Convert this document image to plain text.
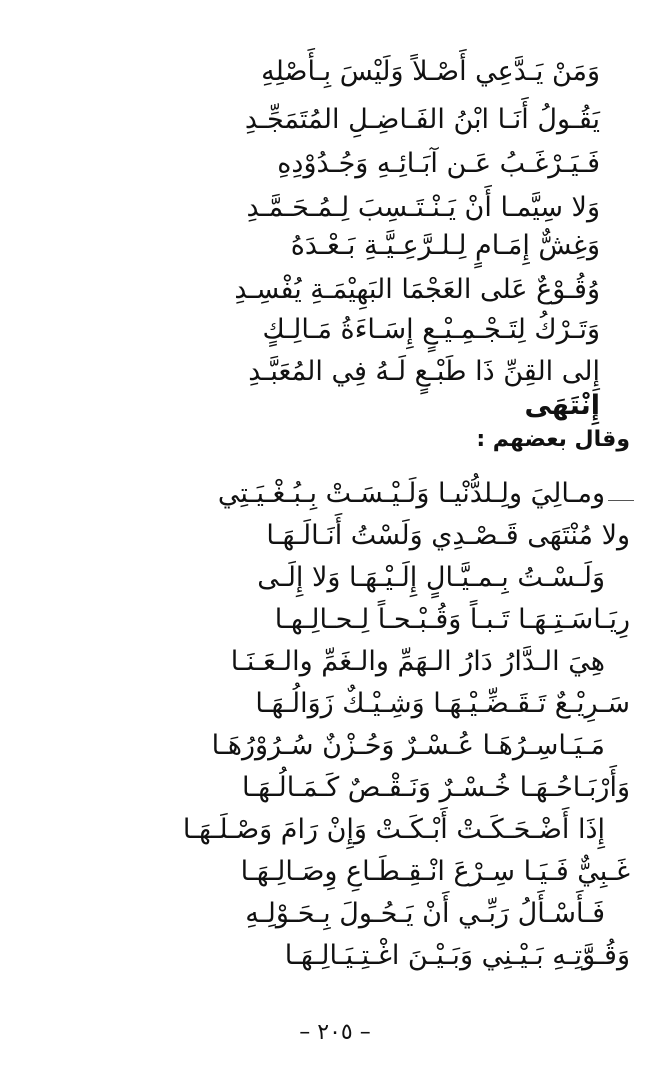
وَمَنْ يَـدَّعِي أَصْـلاً وَلَيْسَ بِـأَصْلِهِ
يَقُـولُ أَنَـا ابْنُ الفَـاضِـلِ المُتَمَجِّـدِ
فَـيَـرْغَـبُ عَـن آبَـائِـهِ وَجُـدُوْدِهِ
وَلا سِيَّمـا أَنْ يَـنْـتَـسِبَ لِـمُـحَـمَّـدِ
وَغِشٌّ إِمَـامٍ لِـلـرَّعِـيَّـةِ بَـعْـدَهُ
وُقُـوْعٌ عَلى العَجْمَا البَهِيْمَـةِ يُفْسِـدِ
وَتَـرْكُ لِتَـجْـمِـيْـعٍ إِسَـاءَةُ مَـالِـكٍ
إِلى القِنِّ ذَا طَبْـعٍ لَـهُ فِي المُعَبَّـدِ
إِنْتَهَى
وقال بعضهم :
ومـالِيَ ولِـلدُّنْيـا وَلَـيْـسَـتْ بِـبُـغْـيَـتِي
ولا مُنْتَهَى قَـصْـدِي وَلَسْتُ أَنَـالَـهَـا
وَلَـسْـتُ بِـمـيَّـالٍ إِلَـيْـهَـا وَلا إِلَـى
رِيَـاسَـتِـهَـا تَـبـاً وَقُـبْـحـاً لِـحـالِـهـا
هِيَ الـدَّارُ دَارُ الـهَمِّ والـغَمِّ والـعَـنَـا
سَـرِيْـعٌ تَـقَـضِّـيْـهَـا وَشِـيْـكٌ زَوَالُـهَـا
مَـيَـاسِـرُهَـا عُـسْـرٌ وَحُـزْنٌ سُـرُوْرُهَـا
وَأَرْبَـاحُـهَـا خُـسْـرٌ وَنَـقْـصٌ كَـمَـالُـهَـا
إِذَا أَضْـحَـكَـتْ أَبْـكَـتْ وَإِنْ رَامَ وَصْـلَـهَـا
غَـبِيٌّ فَـيَـا سِـرْعَ انْـقِـطَـاعِ وِصَـالِـهَـا
فَـأَسْـأَلُ رَبِّـي أَنْ يَـحُـولَ بِـحَـوْلِـهِ
وَقُـوَّتِـهِ بَـيْـنِي وَبَـيْـنَ اغْـتِـيَـالِـهَـا
– ٢٠٥ –
